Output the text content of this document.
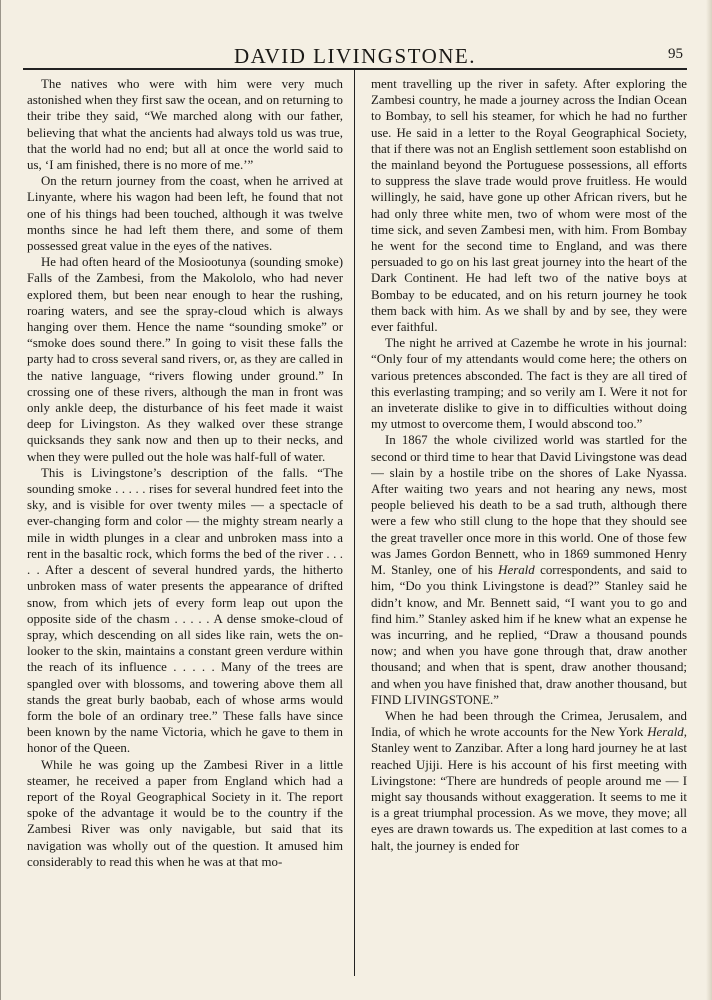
DAVID LIVINGSTONE.	95

The natives who were with him were very much astonished when they first saw the ocean, and on returning to their tribe they said, “We marched along with our father, believing that what the ancients had always told us was true, that the world had no end; but all at once the world said to us, ‘I am finished, there is no more of me.’”

On the return journey from the coast, when he arrived at Linyante, where his wagon had been left, he found that not one of his things had been touched, although it was twelve months since he had left them there, and some of them possessed great value in the eyes of the natives.

He had often heard of the Mosiootunya (sounding smoke) Falls of the Zambesi, from the Makololo, who had never explored them, but been near enough to hear the rushing, roaring waters, and see the spray-cloud which is always hanging over them. Hence the name “sounding smoke” or “smoke does sound there.” In going to visit these falls the party had to cross several sand rivers, or, as they are called in the native language, “rivers flowing under ground.” In crossing one of these rivers, although the man in front was only ankle deep, the disturbance of his feet made it waist deep for Livingston. As they walked over these strange quicksands they sank now and then up to their necks, and when they were pulled out the hole was half-full of water.

This is Livingstone’s description of the falls. “The sounding smoke . . . . . rises for several hundred feet into the sky, and is visible for over twenty miles — a spectacle of ever-changing form and color — the mighty stream nearly a mile in width plunges in a clear and unbroken mass into a rent in the basaltic rock, which forms the bed of the river . . . . . After a descent of several hundred yards, the hitherto unbroken mass of water presents the appearance of drifted snow, from which jets of every form leap out upon the opposite side of the chasm . . . . . A dense smoke-cloud of spray, which descending on all sides like rain, wets the on-looker to the skin, maintains a constant green verdure within the reach of its influence . . . . . Many of the trees are spangled over with blossoms, and towering above them all stands the great burly baobab, each of whose arms would form the bole of an ordinary tree.” These falls have since been known by the name Victoria, which he gave to them in honor of the Queen.

While he was going up the Zambesi River in a little steamer, he received a paper from England which had a report of the Royal Geographical Society in it. The report spoke of the advantage it would be to the country if the Zambesi River was only navigable, but said that its navigation was wholly out of the question. It amused him considerably to read this when he was at that mo-

ment travelling up the river in safety. After exploring the Zambesi country, he made a journey across the Indian Ocean to Bombay, to sell his steamer, for which he had no further use. He said in a letter to the Royal Geographical Society, that if there was not an English settlement soon establishd on the mainland beyond the Portuguese possessions, all efforts to suppress the slave trade would prove fruitless. He would willingly, he said, have gone up other African rivers, but he had only three white men, two of whom were most of the time sick, and seven Zambesi men, with him. From Bombay he went for the second time to England, and was there persuaded to go on his last great journey into the heart of the Dark Continent. He had left two of the native boys at Bombay to be educated, and on his return journey he took them back with him. As we shall by and by see, they were ever faithful.

The night he arrived at Cazembe he wrote in his journal: “Only four of my attendants would come here; the others on various pretences absconded. The fact is they are all tired of this everlasting tramping; and so verily am I. Were it not for an inveterate dislike to give in to difficulties without doing my utmost to overcome them, I would abscond too.”

In 1867 the whole civilized world was startled for the second or third time to hear that David Livingstone was dead — slain by a hostile tribe on the shores of Lake Nyassa. After waiting two years and not hearing any news, most people believed his death to be a sad truth, although there were a few who still clung to the hope that they should see the great traveller once more in this world. One of those few was James Gordon Bennett, who in 1869 summoned Henry M. Stanley, one of his Herald correspondents, and said to him, “Do you think Livingstone is dead?” Stanley said he didn’t know, and Mr. Bennett said, “I want you to go and find him.” Stanley asked him if he knew what an expense he was incurring, and he replied, “Draw a thousand pounds now; and when you have gone through that, draw another thousand; and when that is spent, draw another thousand; and when you have finished that, draw another thousand, but FIND LIVINGSTONE.”

When he had been through the Crimea, Jerusalem, and India, of which he wrote accounts for the New York Herald, Stanley went to Zanzibar. After a long hard journey he at last reached Ujiji. Here is his account of his first meeting with Livingstone: “There are hundreds of people around me — I might say thousands without exaggeration. It seems to me it is a great triumphal procession. As we move, they move; all eyes are drawn towards us. The expedition at last comes to a halt, the journey is ended for
